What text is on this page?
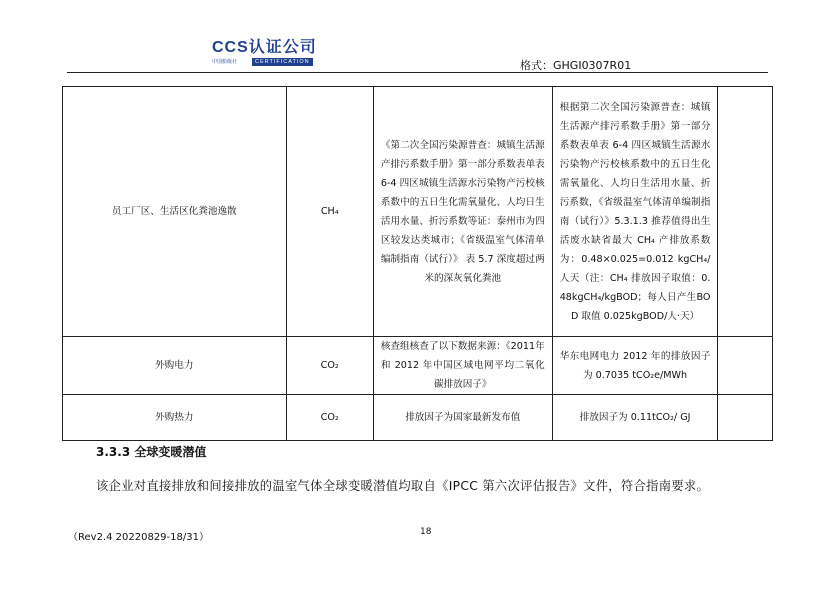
CCS认证公司
中国船级社	CERTIFICATION	格式：GHGI0307R01
员工厂区、生活区化粪池逸散	CH₄	《第二次全国污染源普查：城镇生活源产排污系数手册》第一部分系数表单表 6-4 四区城镇生活源水污染物产污校核系数中的五日生化需氧量化、人均日生活用水量、折污系数等证：泰州市为四区较发达类城市；《省级温室气体清单编制指南（试行）》 表 5.7 深度超过两米的深灰氧化粪池	根据第二次全国污染源普查：城镇生活源产排污系数手册》第一部分系数表单表 6-4 四区城镇生活源水污染物产污校核系数中的五日生化需氧量化、人均日生活用水量、折污系数，《省级温室气体清单编制指南（试行）》5.3.1.3 推荐值得出生活废水缺省最大 CH₄ 产排放系数为：0.48×0.025=0.012 kgCH₄/人天（注：CH₄ 排放因子取值：0.48kgCH₄/kgBOD；每人日产生BOD 取值 0.025kgBOD/人·天）	
外购电力	CO₂	核查组核查了以下数据来源：《2011年和 2012 年中国区域电网平均二氧化碳排放因子》	华东电网电力 2012 年的排放因子为 0.7035 tCO₂e/MWh	
外购热力	CO₂	排放因子为国家最新发布值	排放因子为 0.11tCO₂/ GJ	
3.3.3 全球变暖潜值
该企业对直接排放和间接排放的温室气体全球变暖潜值均取自《IPCC 第六次评估报告》文件，符合指南要求。
（Rev2.4 20220829-18/31）	18
